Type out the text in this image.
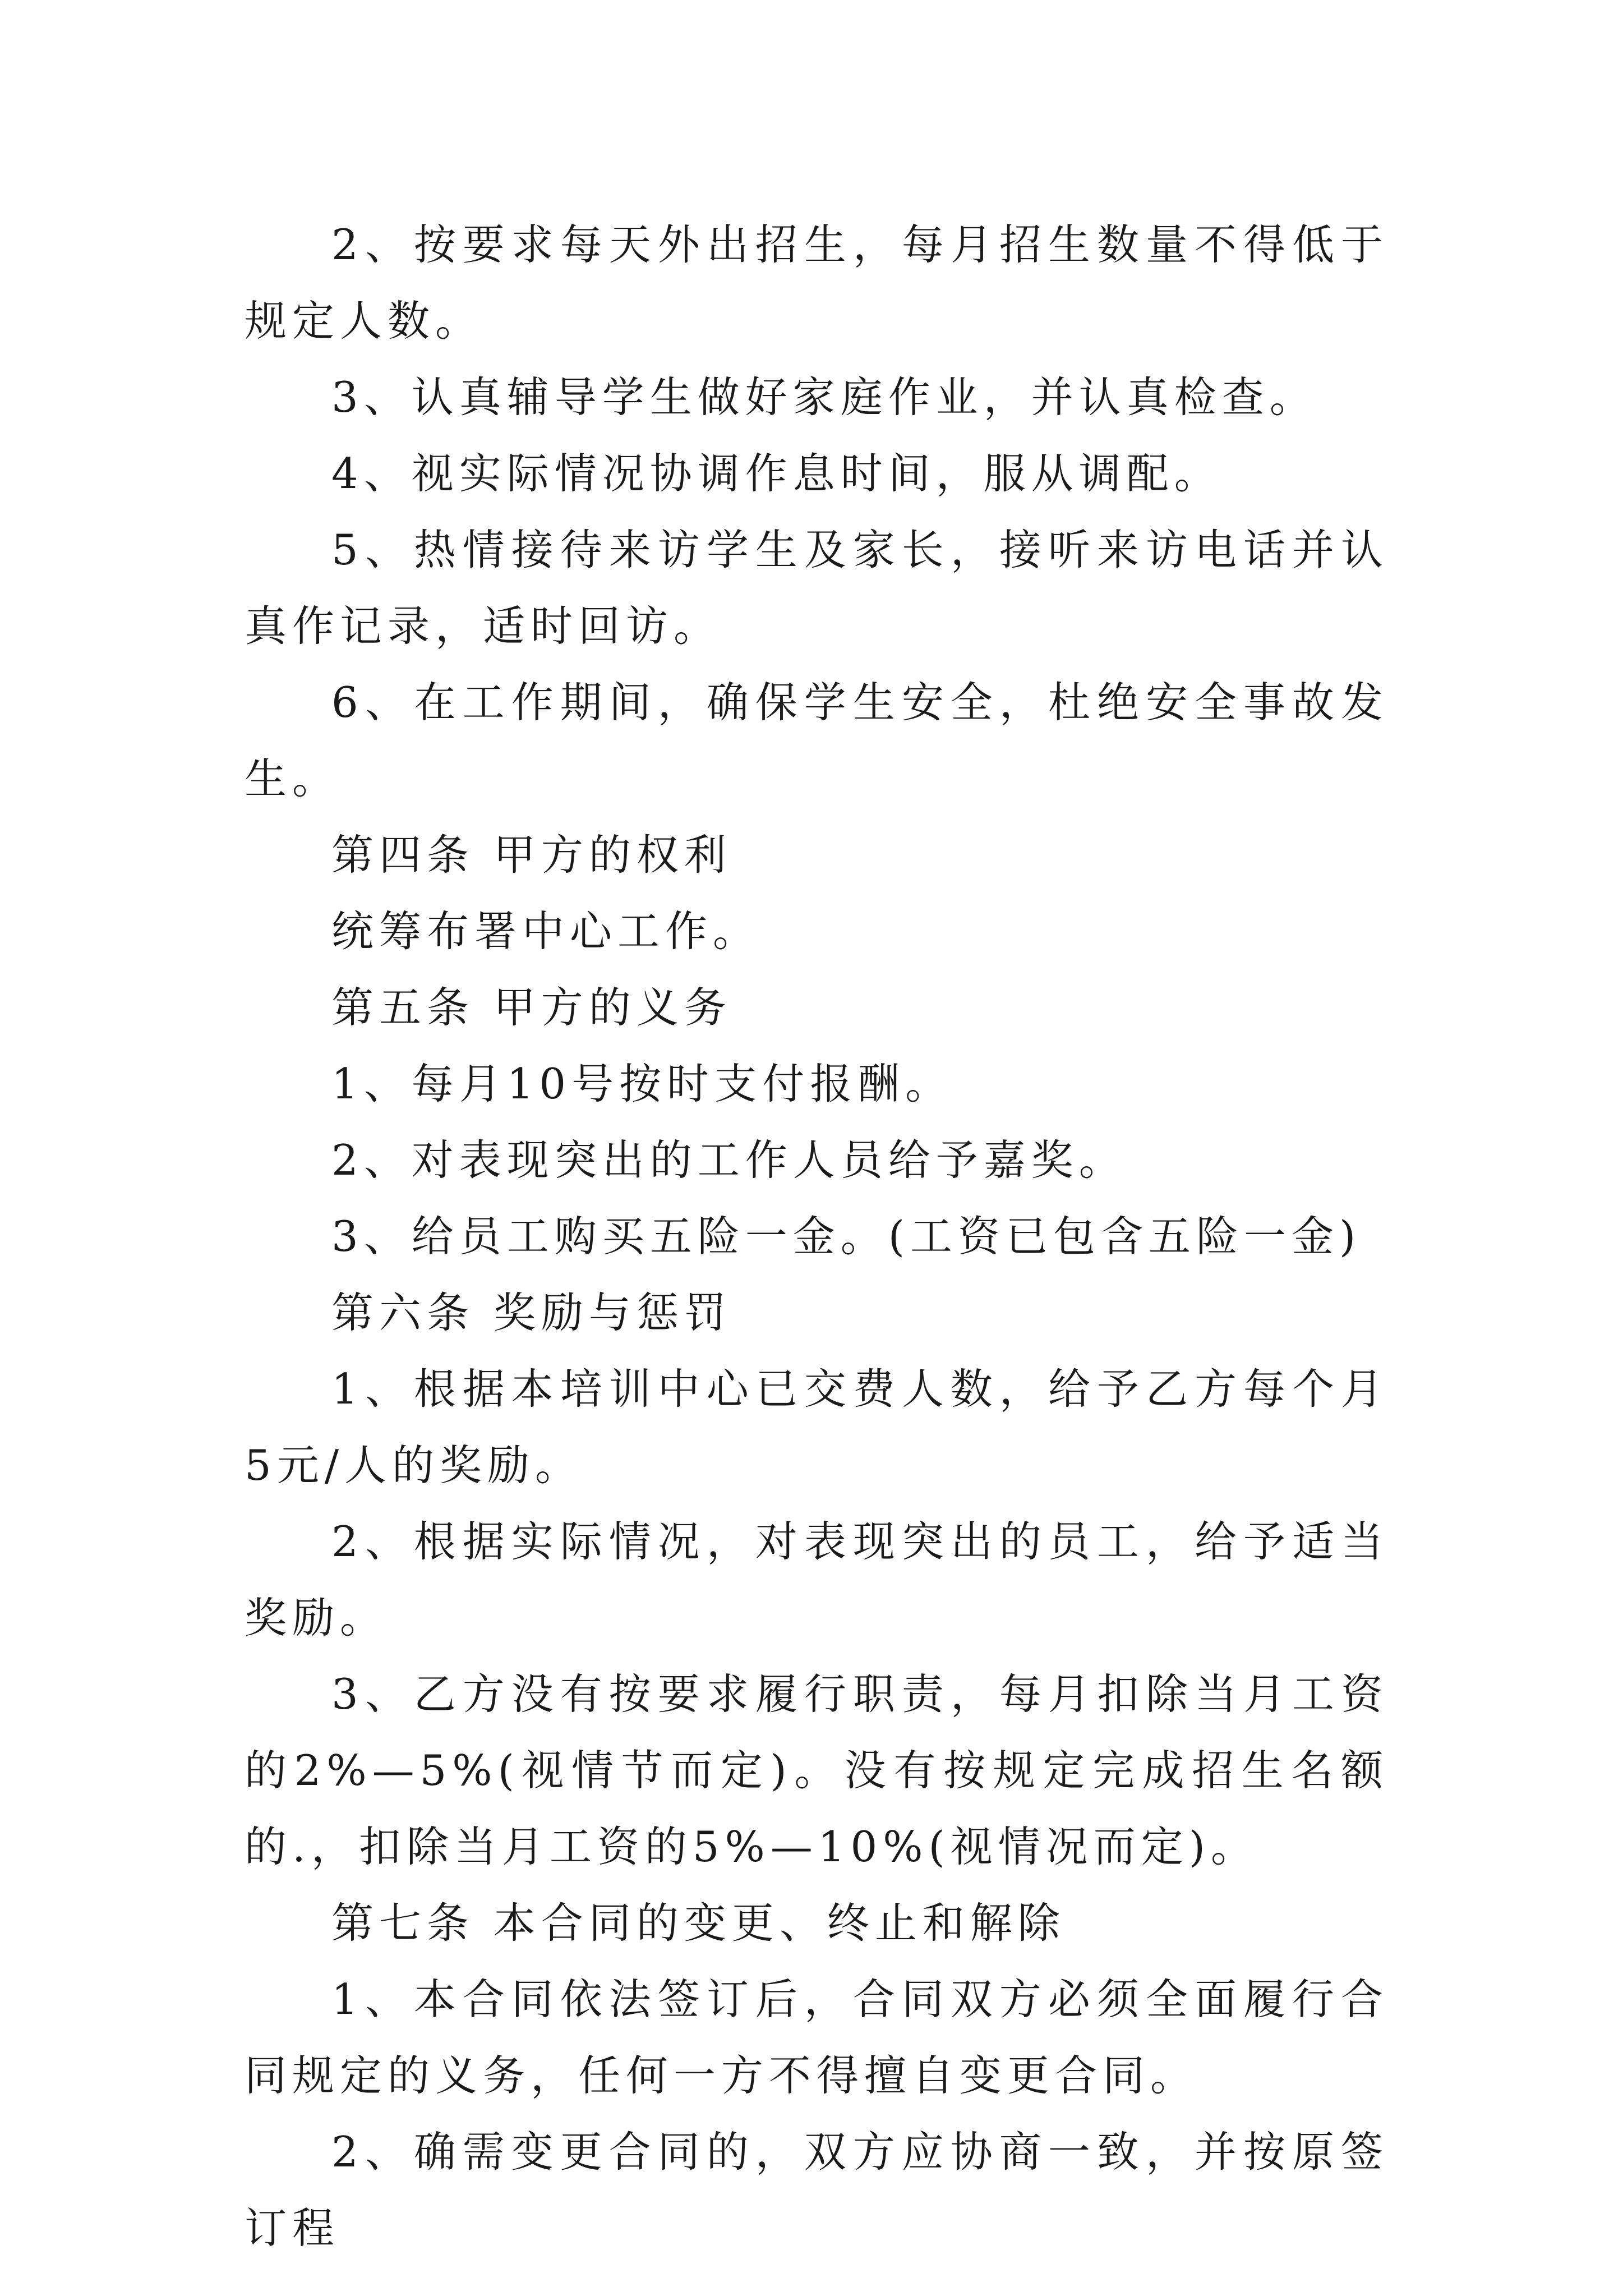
2、按要求每天外出招生，每月招生数量不得低于规定人数。

3、认真辅导学生做好家庭作业，并认真检查。

4、视实际情况协调作息时间，服从调配。

5、热情接待来访学生及家长，接听来访电话并认真作记录，适时回访。

6、在工作期间，确保学生安全，杜绝安全事故发生。

第四条 甲方的权利

统筹布署中心工作。

第五条 甲方的义务

1、每月10号按时支付报酬。

2、对表现突出的工作人员给予嘉奖。

3、给员工购买五险一金。(工资已包含五险一金)

第六条 奖励与惩罚

1、根据本培训中心已交费人数，给予乙方每个月5元/人的奖励。

2、根据实际情况，对表现突出的员工，给予适当奖励。

3、乙方没有按要求履行职责，每月扣除当月工资的2%—5%(视情节而定)。没有按规定完成招生名额的.，扣除当月工资的5%—10%(视情况而定)。

第七条 本合同的变更、终止和解除

1、本合同依法签订后，合同双方必须全面履行合同规定的义务，任何一方不得擅自变更合同。

2、确需变更合同的，双方应协商一致，并按原签订程
